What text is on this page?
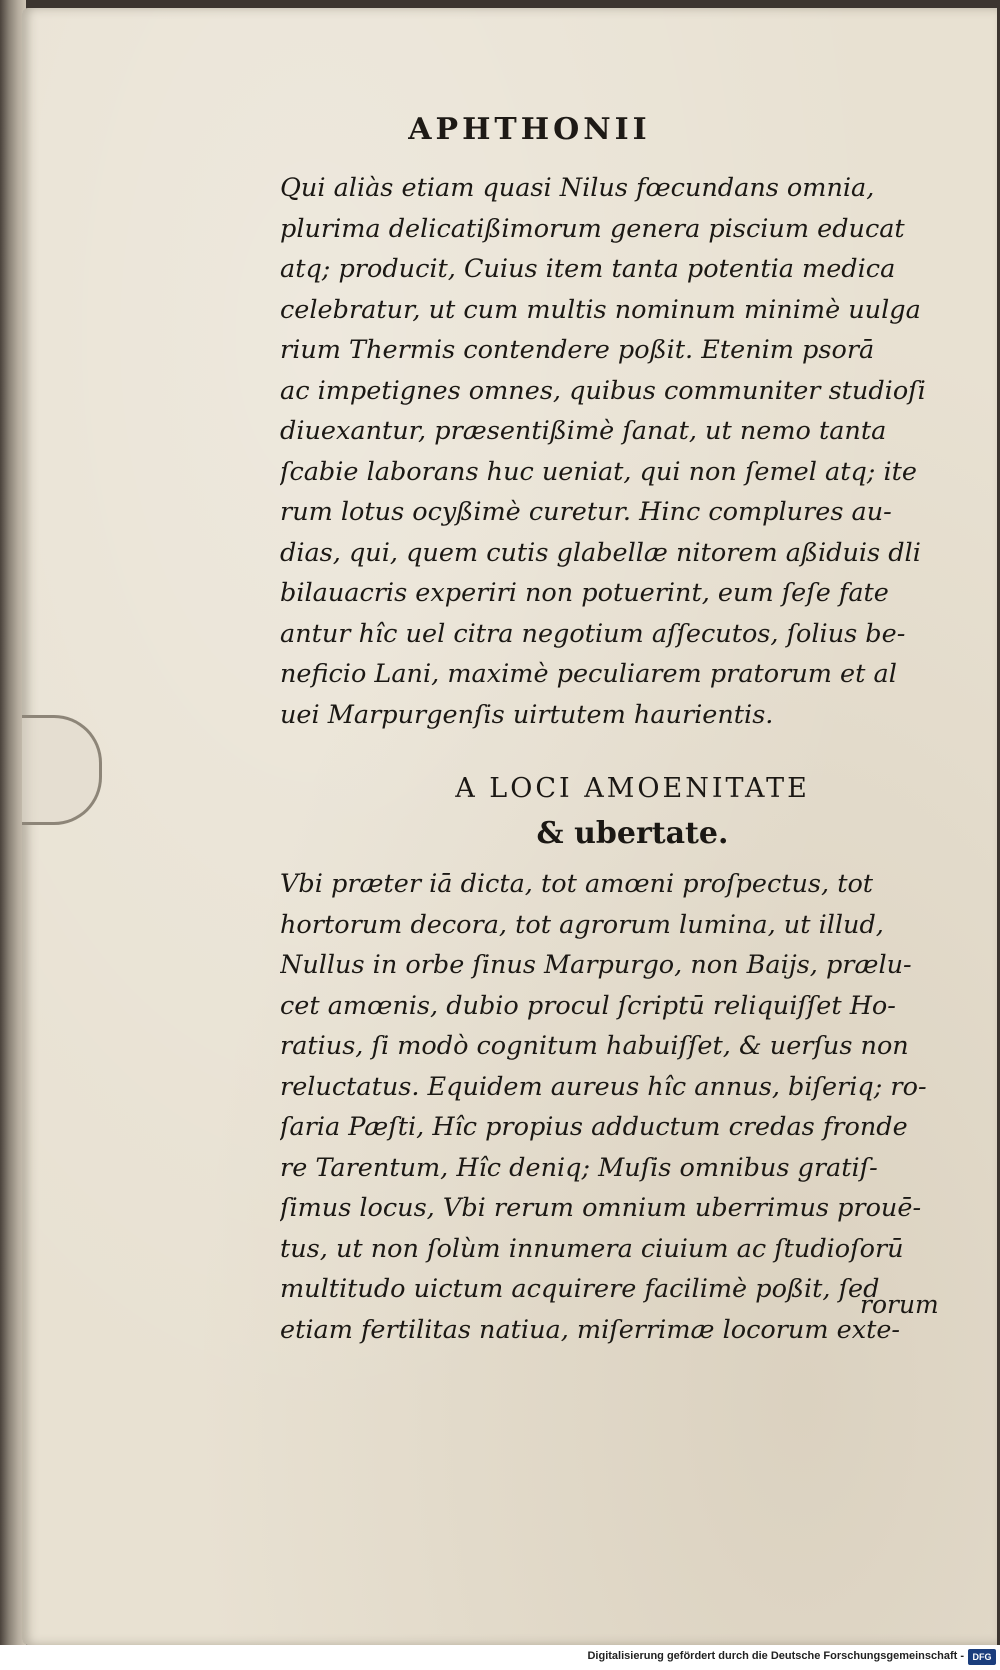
APHTHONII
Qui aliàs etiam quasi Nilus fœcundans omnia,
plurima delicatißimorum genera piscium educat
atq; producit, Cuius item tanta potentia medica
celebratur, ut cum multis nominum minimè uulga
rium Thermis contendere poßit. Etenim psorā
ac impetignes omnes, quibus communiter studioſi
diuexantur, præsentißimè ſanat, ut nemo tanta
ſcabie laborans huc ueniat, qui non ſemel atq; ite
rum lotus ocyßimè curetur. Hinc complures au-
dias, qui, quem cutis glabellæ nitorem aßiduis dli
bilauacris experiri non potuerint, eum ſeſe fate
antur hîc uel citra negotium aſſecutos, ſolius be-
neficio Lani, maximè peculiarem pratorum et al
uei Marpurgenſis uirtutem haurientis.
A LOCI AMOENITATE
& ubertate.
Vbi præter iā dicta, tot amœni proſpectus, tot
hortorum decora, tot agrorum lumina, ut illud,
Nullus in orbe ſinus Marpurgo, non Baijs, prælu-
cet amœnis, dubio procul ſcriptū reliquiſſet Ho-
ratius, ſi modò cognitum habuiſſet, & uerſus non
reluctatus. Equidem aureus hîc annus, biſeriq; ro-
ſaria Pæſti, Hîc propius adductum credas fronde
re Tarentum, Hîc deniq; Muſis omnibus gratiſ-
ſimus locus, Vbi rerum omnium uberrimus prouē-
tus, ut non ſolùm innumera ciuium ac ſtudioſorū
multitudo uictum acquirere facilimè poßit, ſed
etiam fertilitas natiua, miſerrimæ locorum exte-
rorum
Digitalisierung gefördert durch die Deutsche Forschungsgemeinschaft - DFG
